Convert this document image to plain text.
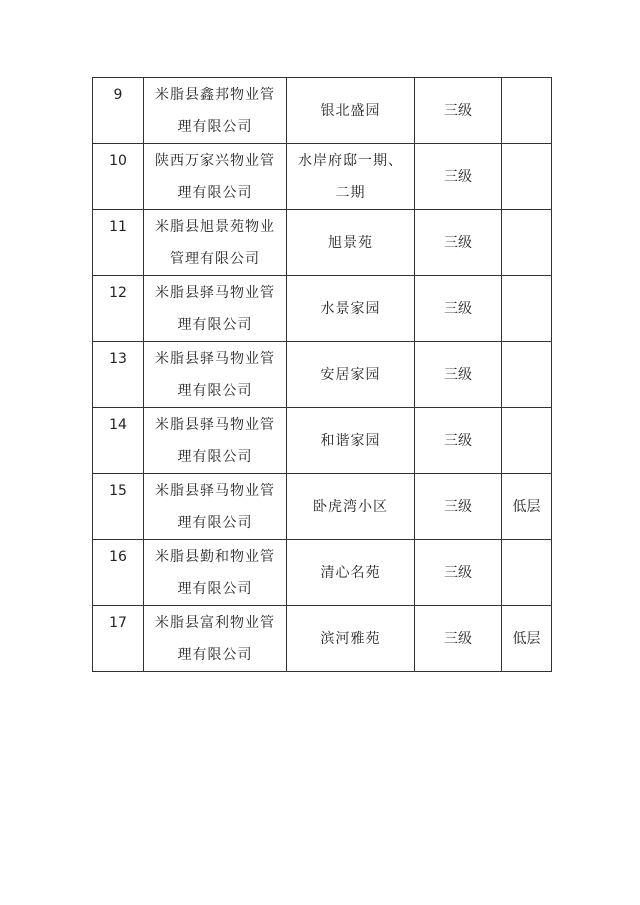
9	米脂县鑫邦物业管理有限公司	银北盛园	三级	
10	陕西万家兴物业管理有限公司	水岸府邸一期、二期	三级	
11	米脂县旭景苑物业管理有限公司	旭景苑	三级	
12	米脂县驿马物业管理有限公司	水景家园	三级	
13	米脂县驿马物业管理有限公司	安居家园	三级	
14	米脂县驿马物业管理有限公司	和谐家园	三级	
15	米脂县驿马物业管理有限公司	卧虎湾小区	三级	低层
16	米脂县勤和物业管理有限公司	清心名苑	三级	
17	米脂县富利物业管理有限公司	滨河雅苑	三级	低层
